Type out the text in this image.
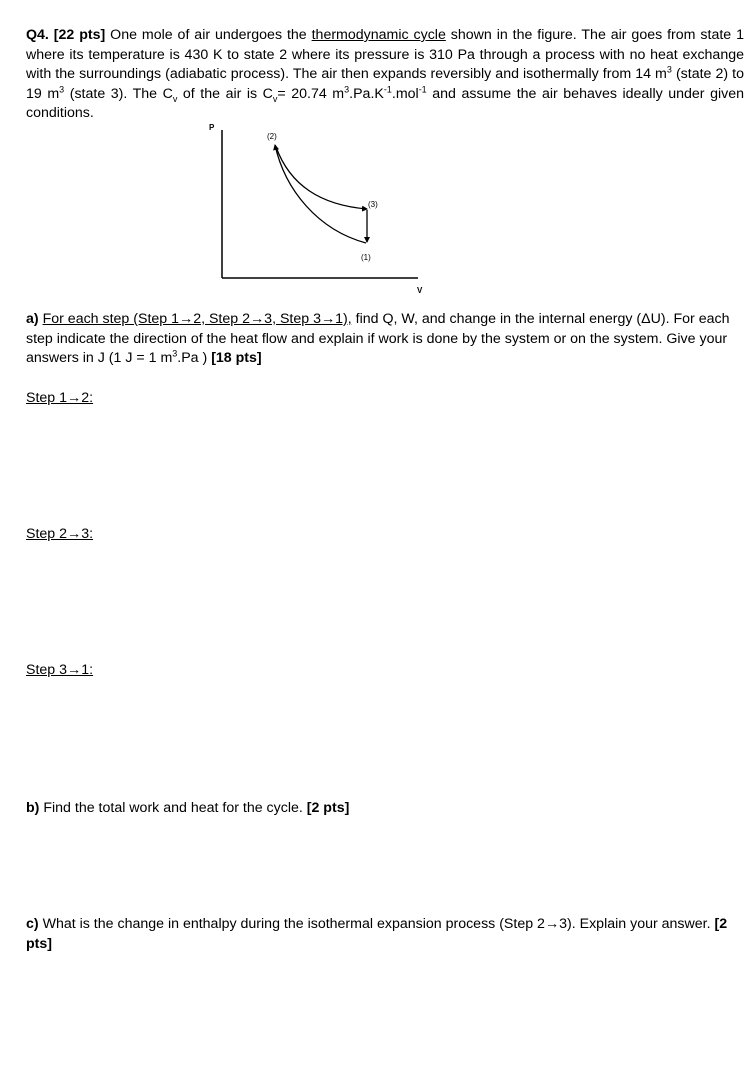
Q4. [22 pts] One mole of air undergoes the thermodynamic cycle shown in the figure. The air goes from state 1 where its temperature is 430 K to state 2 where its pressure is 310 Pa through a process with no heat exchange with the surroundings (adiabatic process). The air then expands reversibly and isothermally from 14 $m^3$ (state 2) to 19 $m^3$ (state 3). The $C_v$ of the air is $C_v= 20.74$ $m^3.Pa.K^{-1}.mol^{-1}$ and assume the air behaves ideally under given conditions.
P
V
(2)
(3)
(1)
a) For each step (Step 1→2, Step 2→3, Step 3→1), find Q, W, and change in the internal energy (ΔU). For each step indicate the direction of the heat flow and explain if work is done by the system or on the system. Give your answers in J (1 J = 1 $m^3.Pa$ ) [18 pts]
Step 1→2:
Step 2→3:
Step 3→1:
b) Find the total work and heat for the cycle. [2 pts]
c) What is the change in enthalpy during the isothermal expansion process (Step 2→3). Explain your answer. [2 pts]
